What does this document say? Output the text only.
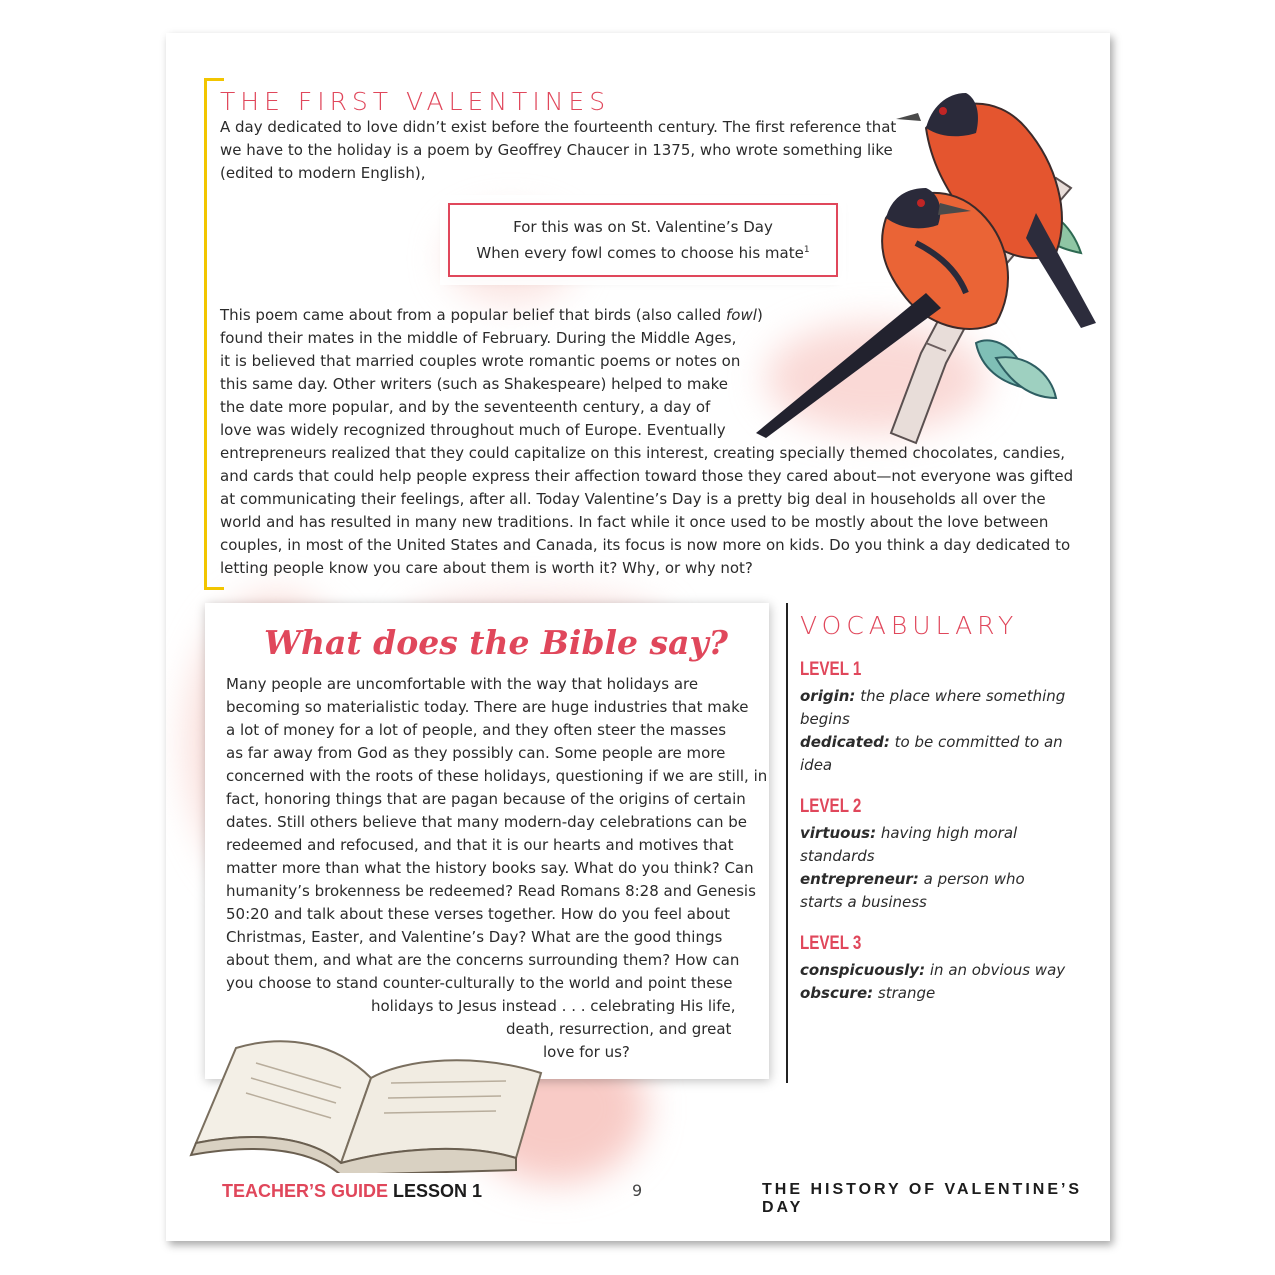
THE FIRST VALENTINES

A day dedicated to love didn’t exist before the fourteenth century. The first reference that we have to the holiday is a poem by Geoffrey Chaucer in 1375, who wrote something like (edited to modern English),

For this was on St. Valentine’s Day
When every fowl comes to choose his mate$^1$

This poem came about from a popular belief that birds (also called fowl)
found their mates in the middle of February. During the Middle Ages,
it is believed that married couples wrote romantic poems or notes on
this same day. Other writers (such as Shakespeare) helped to make
the date more popular, and by the seventeenth century, a day of
love was widely recognized throughout much of Europe. Eventually
entrepreneurs realized that they could capitalize on this interest, creating specially themed chocolates, candies,
and cards that could help people express their affection toward those they cared about—not everyone was gifted
at communicating their feelings, after all. Today Valentine’s Day is a pretty big deal in households all over the
world and has resulted in many new traditions. In fact while it once used to be mostly about the love between
couples, in most of the United States and Canada, its focus is now more on kids. Do you think a day dedicated to
letting people know you care about them is worth it? Why, or why not?

What does the Bible say?

Many people are uncomfortable with the way that holidays are
becoming so materialistic today. There are huge industries that make
a lot of money for a lot of people, and they often steer the masses
as far away from God as they possibly can. Some people are more
concerned with the roots of these holidays, questioning if we are still, in
fact, honoring things that are pagan because of the origins of certain
dates. Still others believe that many modern-day celebrations can be
redeemed and refocused, and that it is our hearts and motives that
matter more than what the history books say. What do you think? Can
humanity’s brokenness be redeemed? Read Romans 8:28 and Genesis
50:20 and talk about these verses together. How do you feel about
Christmas, Easter, and Valentine’s Day? What are the good things
about them, and what are the concerns surrounding them? How can
you choose to stand counter-culturally to the world and point these
holidays to Jesus instead . . . celebrating His life,
death, resurrection, and great
love for us?

VOCABULARY

LEVEL 1

origin: the place where something begins

dedicated: to be committed to an idea

LEVEL 2

virtuous: having high moral standards

entrepreneur: a person who starts a business

LEVEL 3

conspicuously: in an obvious way

obscure: strange

TEACHER’S GUIDE LESSON 1	9	THE HISTORY OF VALENTINE’S DAY
